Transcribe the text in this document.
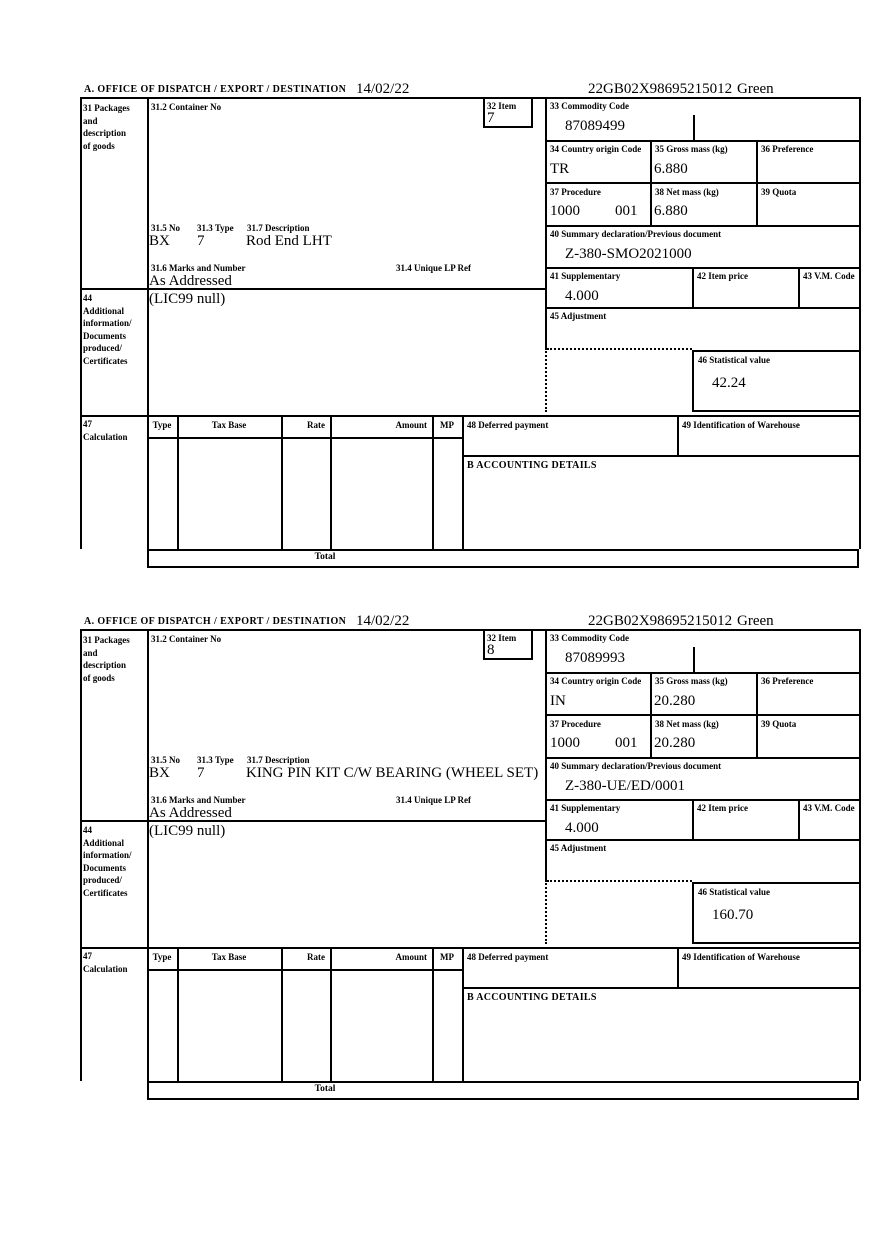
A. OFFICE OF DISPATCH / EXPORT / DESTINATION 14/02/22	22GB02X98695215012 Green
31 Packages
and
description
of goods
44
Additional
information/
Documents
produced/
Certificates
47
Calculation
31.2 Container No	32 Item
7
31.5 No 31.3 Type 31.7 Description
BX 7	Rod End LHT
31.6 Marks and Number	31.4 Unique LP Ref
As Addressed
(LIC99 null)
33 Commodity Code
87089499
34 Country origin Code
TR
35 Gross mass (kg)
6.880
36 Preference
37 Procedure
1000 001
38 Net mass (kg)
6.880
39 Quota
40 Summary declaration/Previous document
Z-380-SMO2021000
41 Supplementary
4.000
42 Item price	43 V.M. Code
45 Adjustment
46 Statistical value
42.24
Type	Tax Base	Rate	Amount	MP
Total
48 Deferred payment	49 Identification of Warehouse
B ACCOUNTING DETAILS
A. OFFICE OF DISPATCH / EXPORT / DESTINATION 14/02/22	22GB02X98695215012 Green
31 Packages
and
description
of goods
44
Additional
information/
Documents
produced/
Certificates
47
Calculation
31.2 Container No	32 Item
8
31.5 No 31.3 Type 31.7 Description
BX 7	KING PIN KIT C/W BEARING (WHEEL SET)
31.6 Marks and Number	31.4 Unique LP Ref
As Addressed
(LIC99 null)
33 Commodity Code
87089993
34 Country origin Code
IN
35 Gross mass (kg)
20.280
36 Preference
37 Procedure
1000 001
38 Net mass (kg)
20.280
39 Quota
40 Summary declaration/Previous document
Z-380-UE/ED/0001
41 Supplementary
4.000
42 Item price	43 V.M. Code
45 Adjustment
46 Statistical value
160.70
Type	Tax Base	Rate	Amount	MP
Total
48 Deferred payment	49 Identification of Warehouse
B ACCOUNTING DETAILS
